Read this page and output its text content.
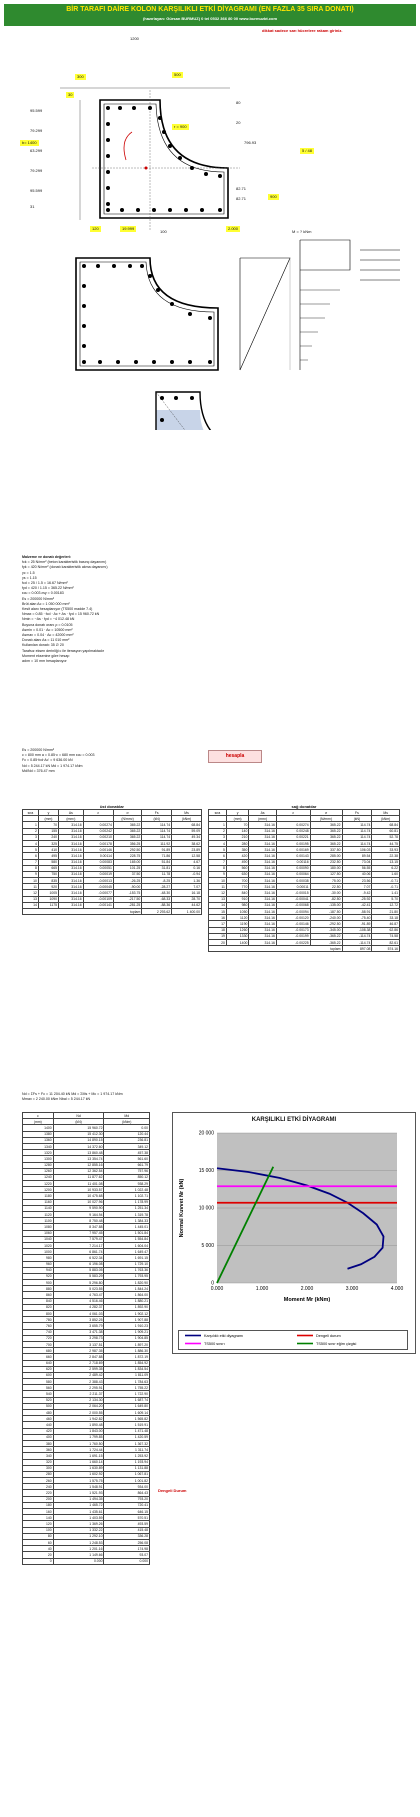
BİR TARAFI DAİRE KOLON KARŞILIKLI ETKİ DİYAGRAMI (EN FAZLA 35 SIRA DONATI)
(hazırlayan: Gürsan BURMUZ) 0 tel 0532 366 80 00 www.burmuzbt.com
dikkat sadece sarı hücrelere rakam giriniz.
1200
300	500
b= 1400
r = 900
5 / 48
900
30
95.599
79.299
63.299
79.299
95.599
31
80
20
796.93
82.71
82.71
120	19.999	2.000
100	M = ? kNm
Malzeme ve donatı değerleri:
fck = 25 N/mm² (beton karakteristik basınç dayanımı)
fyk = 420 N/mm² (donatı karakteristik akma dayanımı)
γc = 1.5
γs = 1.15
fcd = 25 / 1.5 = 16.67 N/mm²
fyd = 420 / 1.15 = 365.22 N/mm²
εcu = 0.003 εsy = 0.00183
Es = 200000 N/mm²
Brüt alan Ac = 1 050 000 mm²
Kesit alanı hesaplanıyor (TS500 madde 7.4)
Nmax = 0.85 · fcd · Ac + As · fyd = 15 960.72 kN
Nmin = −As · fyd = −4 012.48 kN
Boyuna donatı oranı ρ = 0.0105
Asmin = 0.01 · Ac = 10500 mm²
Asmax = 0.04 · Ac = 42000 mm²
Donatı alanı As = 11 010 mm²
Kullanılan donatı: 35 ∅ 20
Tarafsız eksen derinliği c ile iterasyon yapılmaktadır
Moment eksenine göre hesap
adım = 10 mm hesaplanıyor
Es = 200000 N/mm²
c = 800 mm a = 0.85·c = 680 mm εcu = 0.003
Fc = 0.85·fcd·Ac' = 9 636.00 kN
Nd = 5 244.17 kN Md = 1 974.17 kNm
Md/Nd = 376.47 mm
hesapla
üst donatılar
sıra	y	As	ε	σ	Fs	Ms
	(mm)	(mm²)		(N/mm²)	(kN)	(kNm)
1	70	314.16	0.00274	365.22	114.74	68.84
2	155	314.16	0.00242	365.22	114.74	59.09
3	240	314.16	0.00210	365.22	114.74	49.34
4	325	314.16	0.00178	356.25	111.92	38.62
5	410	314.16	0.00146	292.50	91.89	23.89
6	495	314.16	0.00114	228.75	71.86	12.58
7	580	314.16	0.00083	165.00	51.84	4.67
8	665	314.16	0.00051	101.25	31.81	0.16
9	750	314.16	0.00019	37.50	11.78	-0.94
10	835	314.16	-0.00013	-26.25	-8.25	1.36
11	920	314.16	-0.00045	-90.00	-28.27	7.07
12	1005	314.16	-0.00077	-153.75	-48.30	16.18
13	1090	314.16	-0.00109	-217.50	-68.33	28.70
14	1175	314.16	-0.00141	-281.25	-88.36	44.62
toplam					2 293.62	1 400.00
sağ donatılar
sıra	y	As	ε	σ	Fs	Ms
	(mm)	(mm²)		(N/mm²)	(kN)	(kNm)
1	70	314.16	0.00274	365.22	114.74	68.84
2	140	314.16	0.00248	365.22	114.74	60.81
3	210	314.16	0.00221	365.22	114.74	52.78
4	280	314.16	0.00195	365.22	114.74	44.75
5	350	314.16	0.00169	337.50	106.03	33.93
6	420	314.16	0.00143	285.00	89.54	22.38
7	490	314.16	0.00116	232.50	73.04	13.15
8	560	314.16	0.00090	180.00	56.55	6.22
9	630	314.16	0.00064	127.50	40.06	1.60
10	700	314.16	0.00038	75.00	23.56	-0.71
11	770	314.16	0.00011	22.50	7.07	-0.71
12	840	314.16	-0.00015	-30.00	-9.42	1.41
13	910	314.16	-0.00041	-82.50	-25.92	5.70
14	980	314.16	-0.00068	-135.00	-42.41	12.72
15	1050	314.16	-0.00094	-187.50	-58.91	21.80
16	1120	314.16	-0.00120	-240.00	-75.40	33.18
17	1190	314.16	-0.00146	-292.50	-91.89	46.87
18	1260	314.16	-0.00173	-345.00	-108.38	62.86
19	1330	314.16	-0.00199	-365.22	-114.74	74.58
20	1400	314.16	-0.00225	-365.22	-114.74	82.61
toplam					897.08	574.16
Nd = ΣFs + Fc = 11 204.40 kN Md = ΣMs + Mc = 1 974.17 kNm
Mmax = 2 240.00 kNm Nbal = 5 244.17 kN
c	Nd	Md
(mm)	(kN)	(kNm)
1400	15 960.72	0.00
1380	15 412.30	120.44
1360	14 890.15	236.81
1340	14 372.60	349.12
1320	13 860.48	457.38
1300	13 354.74	561.60
1280	12 855.16	661.79
1260	12 362.54	757.96
1240	11 877.62	850.12
1220	11 401.08	938.29
1200	10 933.57	1 022.48
1180	10 475.68	1 102.71
1160	10 027.96	1 178.99
1140	9 590.90	1 251.34
1120	9 164.94	1 319.78
1100	8 750.48	1 384.33
1080	8 347.88	1 445.01
1060	7 957.45	1 501.84
1040	7 579.47	1 554.84
1020	7 214.17	1 604.04
1000	6 861.74	1 649.47
980	6 522.34	1 691.15
960	6 196.08	1 729.10
940	5 883.05	1 763.36
920	5 583.29	1 793.95
900	5 296.80	1 820.90
880	5 023.55	1 844.24
860	4 763.47	1 864.00
840	4 516.46	1 880.21
820	4 282.37	1 892.90
800	4 061.03	1 902.12
780	3 852.25	1 907.88
760	3 655.79	1 910.23
740	3 471.38	1 909.21
720	3 298.73	1 904.85
700	3 137.51	1 897.20
680	2 987.35	1 886.30
660	2 847.88	1 872.19
640	2 718.69	1 854.92
620	2 599.35	1 834.54
600	2 489.42	1 811.09
580	2 388.43	1 784.63
560	2 295.91	1 755.22
540	2 211.37	1 722.90
520	2 134.30	1 687.74
500	2 064.20	1 649.80
480	2 000.55	1 609.14
460	1 942.82	1 565.82
440	1 890.48	1 519.91
420	1 843.00	1 471.48
400	1 799.85	1 420.59
380	1 760.50	1 367.32
360	1 724.44	1 311.74
340	1 691.15	1 253.92
320	1 660.14	1 193.94
300	1 630.89	1 131.88
280	1 602.92	1 067.81
260	1 575.75	1 001.82
240	1 548.91	934.00
220	1 521.93	864.43
200	1 494.35	793.20
180	1 465.72	720.41
160	1 435.61	646.15
140	1 403.59	570.51
120	1 369.26	493.59
100	1 332.22	415.48
80	1 292.10	336.28
60	1 248.53	256.08
40	1 201.16	174.98
20	1 149.66	93.07
0	0.000	0.000
Dengeli Durum
KARŞILIKLI ETKİ DİYAGRAMI
0
5 000
10 000
15 000
20 000
0.000	1.000	2.000	3.000	4.000
Moment Mr (kNm)
Normal Kuvvet Nr (kN)
Karşılıklı etki diyagramı	Dengeli durum
TS500 sınırı	TS500 sınır eğim çizgisi
